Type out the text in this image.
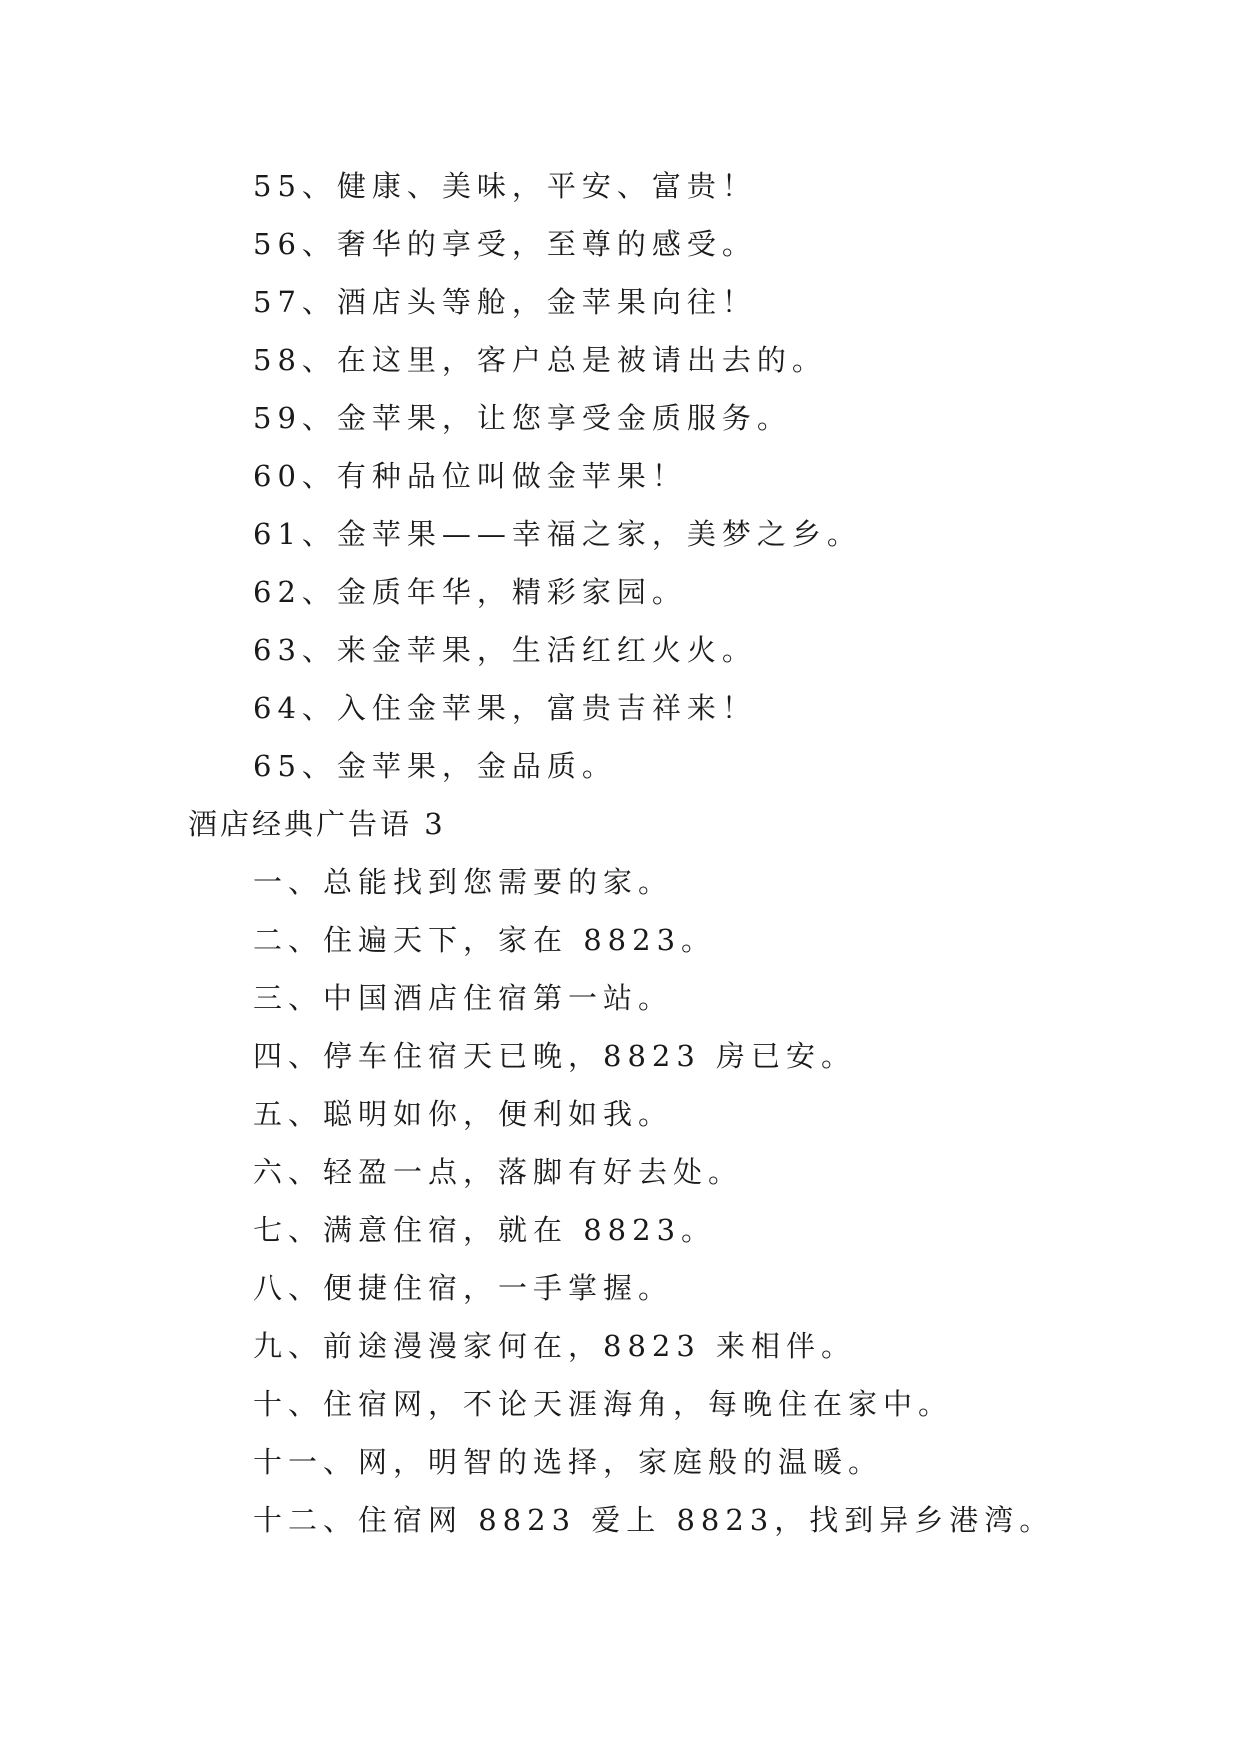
55、健康、美味，平安、富贵！
56、奢华的享受，至尊的感受。
57、酒店头等舱，金苹果向往！
58、在这里，客户总是被请出去的。
59、金苹果，让您享受金质服务。
60、有种品位叫做金苹果！
61、金苹果——幸福之家，美梦之乡。
62、金质年华，精彩家园。
63、来金苹果，生活红红火火。
64、入住金苹果，富贵吉祥来！
65、金苹果，金品质。
酒店经典广告语 3
一、总能找到您需要的家。
二、住遍天下，家在 8823。
三、中国酒店住宿第一站。
四、停车住宿天已晚，8823 房已安。
五、聪明如你，便利如我。
六、轻盈一点，落脚有好去处。
七、满意住宿，就在 8823。
八、便捷住宿，一手掌握。
九、前途漫漫家何在，8823 来相伴。
十、住宿网，不论天涯海角，每晚住在家中。
十一、网，明智的选择，家庭般的温暖。
十二、住宿网 8823 爱上 8823，找到异乡港湾。
